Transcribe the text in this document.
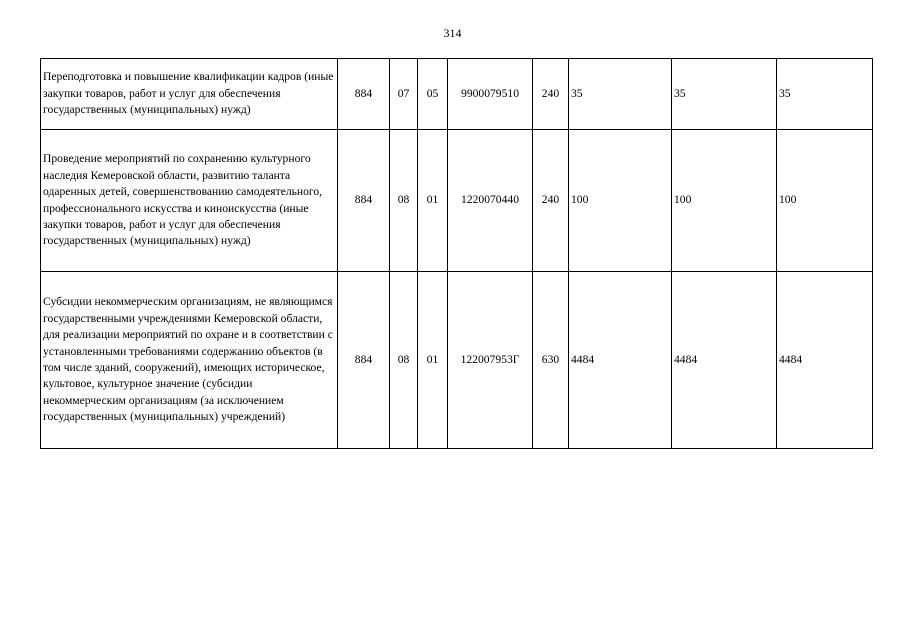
314
Переподготовка и повышение квалификации кадров (иные закупки товаров, работ и услуг для обеспечения государственных (муниципальных) нужд)	884	07	05	9900079510	240	35	35	35
Проведение мероприятий по сохранению культурного наследия Кемеровской области, развитию таланта одаренных детей, совершенствованию самодеятельного, профессионального искусства и киноискусства (иные закупки товаров, работ и услуг для обеспечения государственных (муниципальных) нужд)	884	08	01	1220070440	240	100	100	100
Субсидии некоммерческим организациям, не являющимся государственными учреждениями Кемеровской области, для реализации мероприятий по охране и в соответствии с установленными требованиями содержанию объектов (в том числе зданий, сооружений), имеющих историческое, культовое, культурное значение (субсидии некоммерческим организациям (за исключением государственных (муниципальных) учреждений)	884	08	01	122007953Г	630	4484	4484	4484
